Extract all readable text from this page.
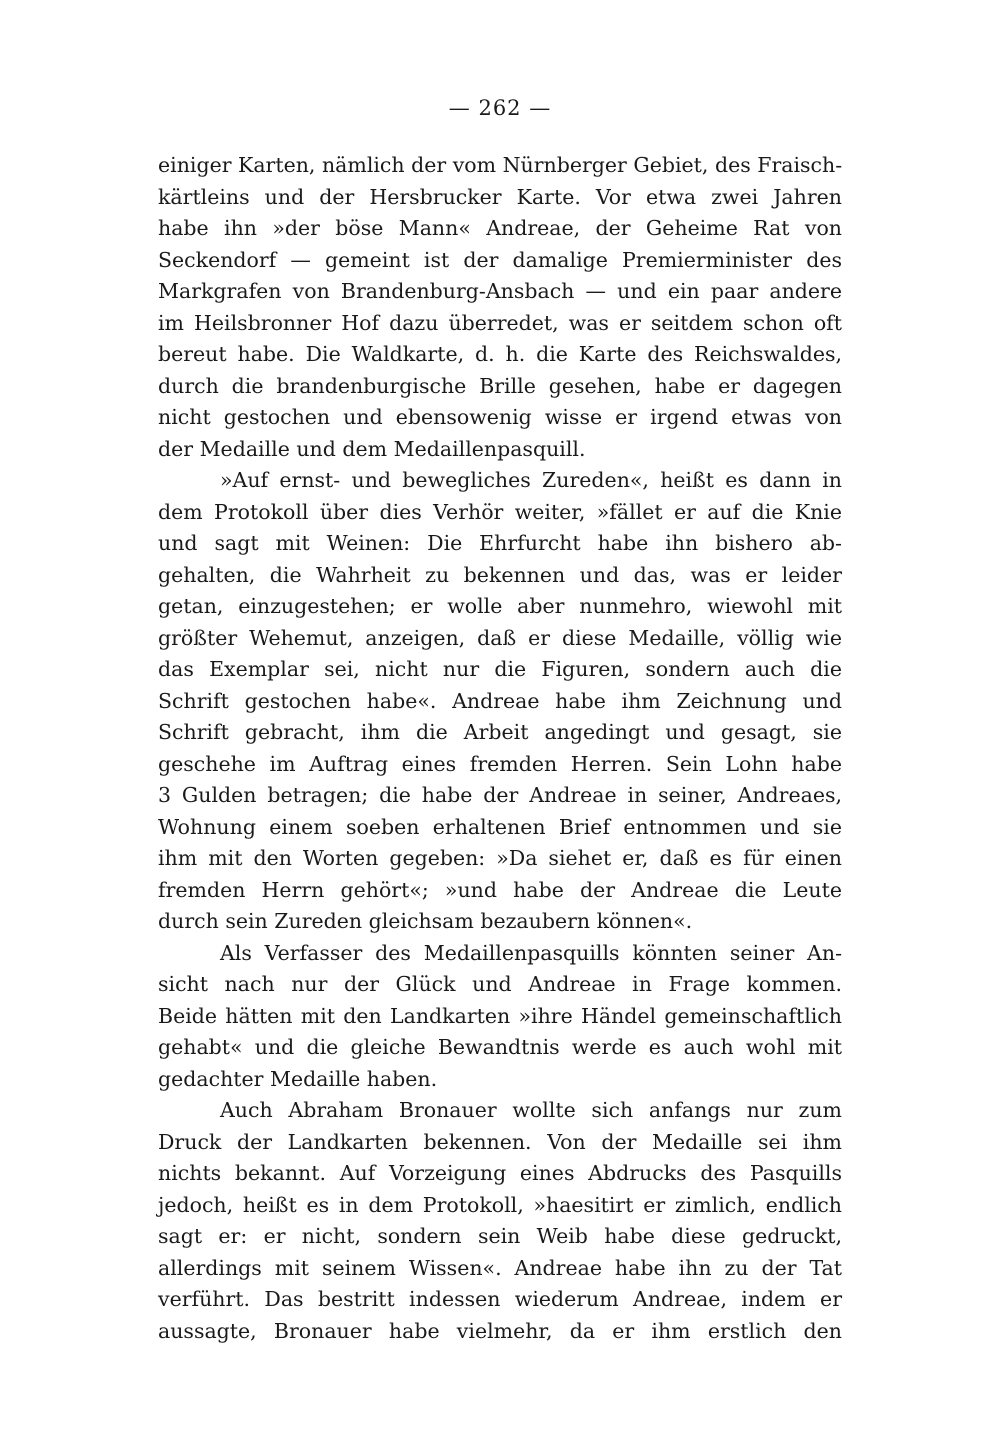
— 262 —
einiger Karten, nämlich der vom Nürnberger Gebiet, des Fraisch-
kärtleins und der Hersbrucker Karte. Vor etwa zwei Jahren
habe ihn »der böse Mann« Andreae, der Geheime Rat von
Seckendorf — gemeint ist der damalige Premierminister des
Markgrafen von Brandenburg-Ansbach — und ein paar andere
im Heilsbronner Hof dazu überredet, was er seitdem schon oft
bereut habe. Die Waldkarte, d. h. die Karte des Reichswaldes,
durch die brandenburgische Brille gesehen, habe er dagegen
nicht gestochen und ebensowenig wisse er irgend etwas von
der Medaille und dem Medaillenpasquill.
»Auf ernst- und bewegliches Zureden«, heißt es dann in
dem Protokoll über dies Verhör weiter, »fället er auf die Knie
und sagt mit Weinen: Die Ehrfurcht habe ihn bishero ab-
gehalten, die Wahrheit zu bekennen und das, was er leider
getan, einzugestehen; er wolle aber nunmehro, wiewohl mit
größter Wehemut, anzeigen, daß er diese Medaille, völlig wie
das Exemplar sei, nicht nur die Figuren, sondern auch die
Schrift gestochen habe«. Andreae habe ihm Zeichnung und
Schrift gebracht, ihm die Arbeit angedingt und gesagt, sie
geschehe im Auftrag eines fremden Herren. Sein Lohn habe
3 Gulden betragen; die habe der Andreae in seiner, Andreaes,
Wohnung einem soeben erhaltenen Brief entnommen und sie
ihm mit den Worten gegeben: »Da siehet er, daß es für einen
fremden Herrn gehört«; »und habe der Andreae die Leute
durch sein Zureden gleichsam bezaubern können«.
Als Verfasser des Medaillenpasquills könnten seiner An-
sicht nach nur der Glück und Andreae in Frage kommen.
Beide hätten mit den Landkarten »ihre Händel gemeinschaftlich
gehabt« und die gleiche Bewandtnis werde es auch wohl mit
gedachter Medaille haben.
Auch Abraham Bronauer wollte sich anfangs nur zum
Druck der Landkarten bekennen. Von der Medaille sei ihm
nichts bekannt. Auf Vorzeigung eines Abdrucks des Pasquills
jedoch, heißt es in dem Protokoll, »haesitirt er zimlich, endlich
sagt er: er nicht, sondern sein Weib habe diese gedruckt,
allerdings mit seinem Wissen«. Andreae habe ihn zu der Tat
verführt. Das bestritt indessen wiederum Andreae, indem er
aussagte, Bronauer habe vielmehr, da er ihm erstlich den
